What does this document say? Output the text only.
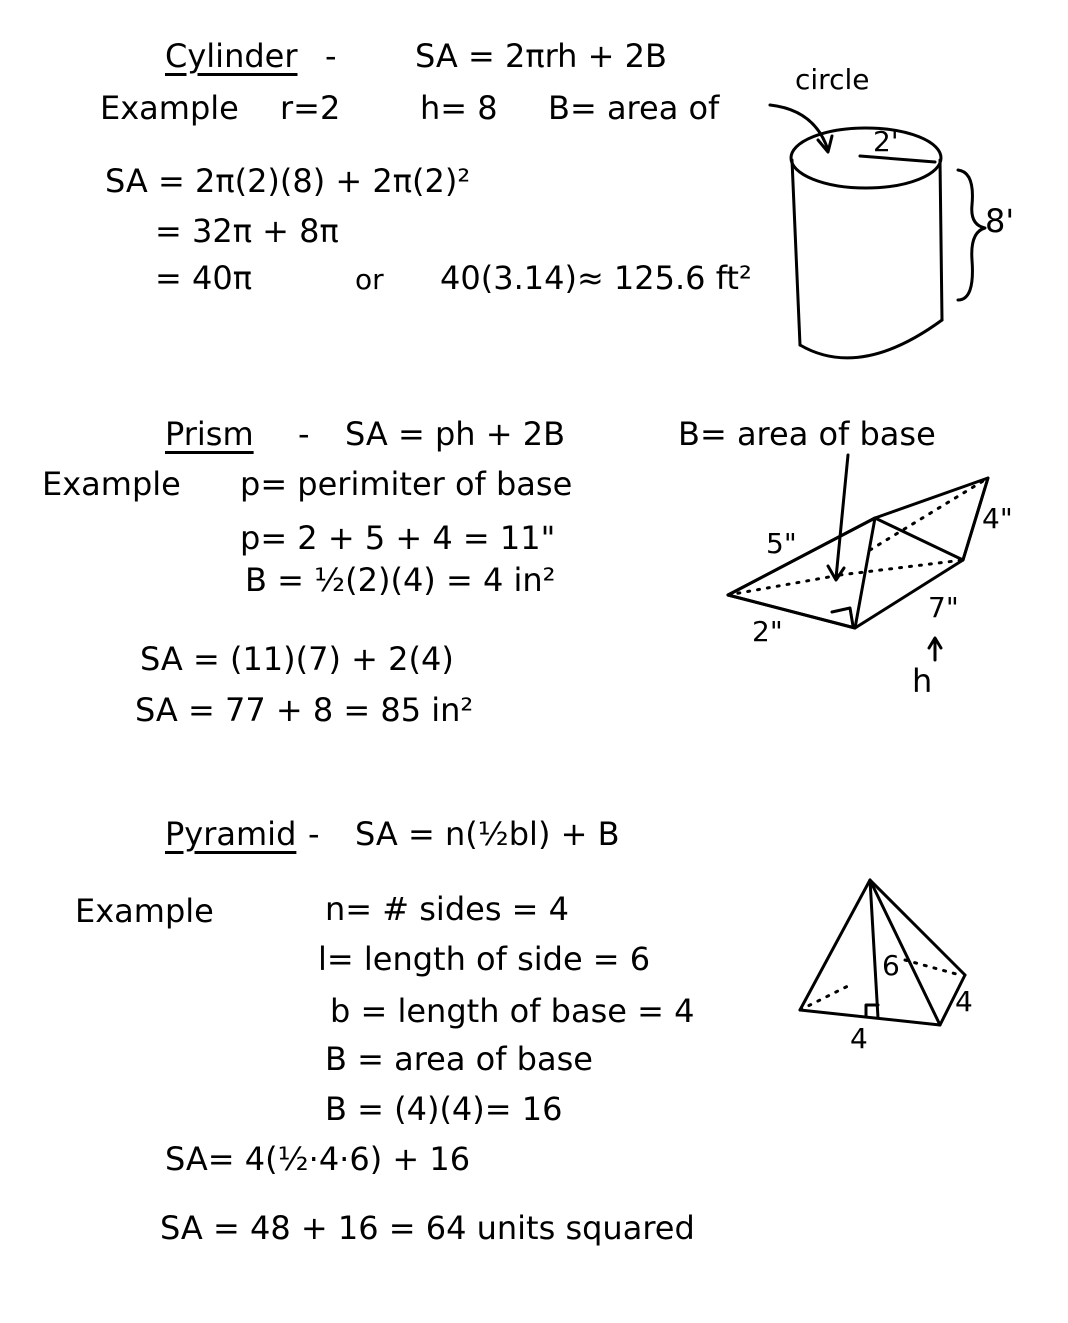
Cylinder - SA = 2πrh + 2B
Example r=2 h= 8 B= area of
circle
SA = 2π(2)(8) + 2π(2)²
= 32π + 8π
= 40π	or 40(3.14)≈ 125.6 ft²
2'
8'
Prism - SA = ph + 2B	B= area of base
Example p= perimiter of base
p= 2 + 5 + 4 = 11"
B = ½(2)(4) = 4 in²
SA = (11)(7) + 2(4)
SA = 77 + 8 = 85 in²
5"
4"
2"
7"
h
Pyramid - SA = n(½bl) + B
Example	n= # sides = 4
l= length of side = 6
b = length of base = 4
B = area of base
B = (4)(4)= 16
SA= 4(½·4·6) + 16
SA = 48 + 16 = 64 units squared
6
4
4
